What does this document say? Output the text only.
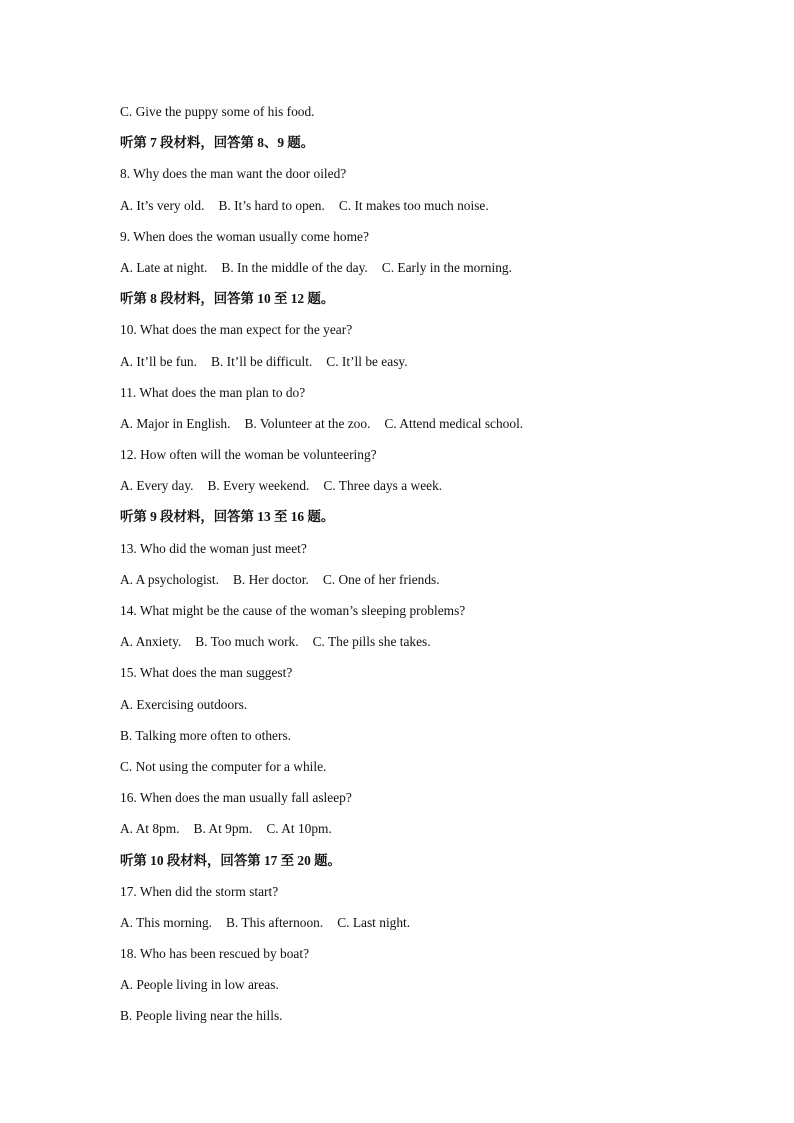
C. Give the puppy some of his food.
听第 7 段材料，回答第 8、9 题。
8. Why does the man want the door oiled?
A. It’s very old. B. It’s hard to open. C. It makes too much noise.
9. When does the woman usually come home?
A. Late at night. B. In the middle of the day. C. Early in the morning.
听第 8 段材料，回答第 10 至 12 题。
10. What does the man expect for the year?
A. It’ll be fun. B. It’ll be difficult. C. It’ll be easy.
11. What does the man plan to do?
A. Major in English. B. Volunteer at the zoo. C. Attend medical school.
12. How often will the woman be volunteering?
A. Every day. B. Every weekend. C. Three days a week.
听第 9 段材料，回答第 13 至 16 题。
13. Who did the woman just meet?
A. A psychologist. B. Her doctor. C. One of her friends.
14. What might be the cause of the woman’s sleeping problems?
A. Anxiety. B. Too much work. C. The pills she takes.
15. What does the man suggest?
A. Exercising outdoors.
B. Talking more often to others.
C. Not using the computer for a while.
16. When does the man usually fall asleep?
A. At 8pm. B. At 9pm. C. At 10pm.
听第 10 段材料，回答第 17 至 20 题。
17. When did the storm start?
A. This morning. B. This afternoon. C. Last night.
18. Who has been rescued by boat?
A. People living in low areas.
B. People living near the hills.
